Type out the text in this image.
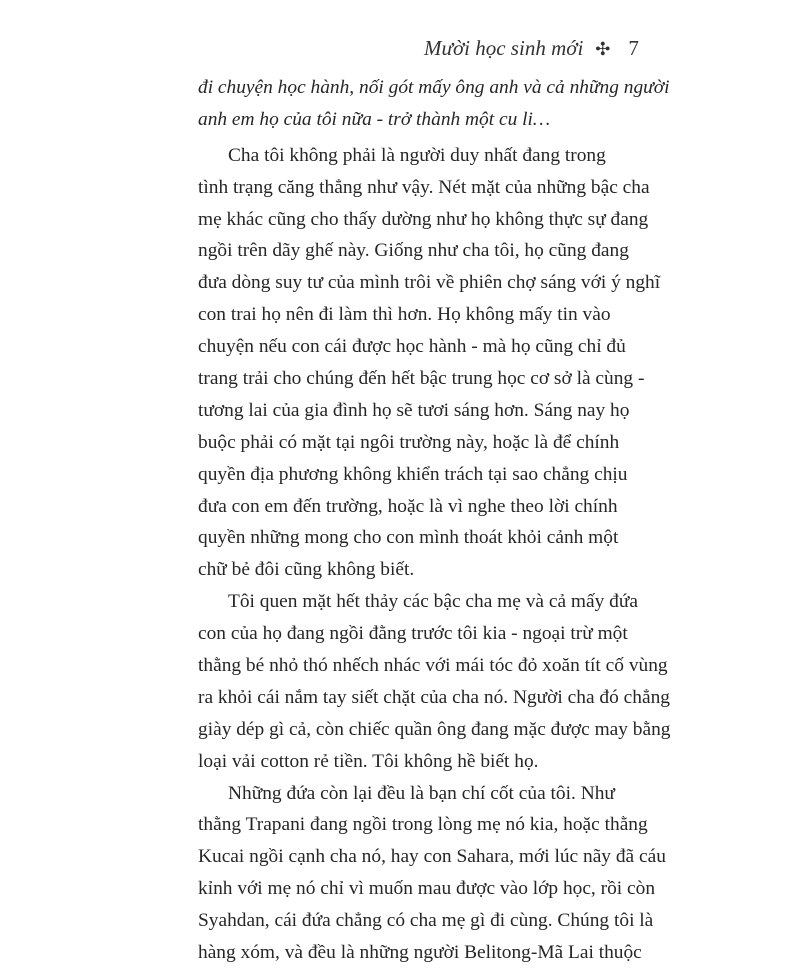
Mười học sinh mới ✣ 7
đi chuyện học hành, nối gót mấy ông anh và cả những người
anh em họ của tôi nữa - trở thành một cu li…
Cha tôi không phải là người duy nhất đang trong
tình trạng căng thẳng như vậy. Nét mặt của những bậc cha
mẹ khác cũng cho thấy dường như họ không thực sự đang
ngồi trên dãy ghế này. Giống như cha tôi, họ cũng đang
đưa dòng suy tư của mình trôi về phiên chợ sáng với ý nghĩ
con trai họ nên đi làm thì hơn. Họ không mấy tin vào
chuyện nếu con cái được học hành - mà họ cũng chỉ đủ
trang trải cho chúng đến hết bậc trung học cơ sở là cùng -
tương lai của gia đình họ sẽ tươi sáng hơn. Sáng nay họ
buộc phải có mặt tại ngôi trường này, hoặc là để chính
quyền địa phương không khiển trách tại sao chẳng chịu
đưa con em đến trường, hoặc là vì nghe theo lời chính
quyền những mong cho con mình thoát khỏi cảnh một
chữ bẻ đôi cũng không biết.
Tôi quen mặt hết thảy các bậc cha mẹ và cả mấy đứa
con của họ đang ngồi đằng trước tôi kia - ngoại trừ một
thằng bé nhỏ thó nhếch nhác với mái tóc đỏ xoăn tít cố vùng
ra khỏi cái nắm tay siết chặt của cha nó. Người cha đó chẳng
giày dép gì cả, còn chiếc quần ông đang mặc được may bằng
loại vải cotton rẻ tiền. Tôi không hề biết họ.
Những đứa còn lại đều là bạn chí cốt của tôi. Như
thằng Trapani đang ngồi trong lòng mẹ nó kia, hoặc thằng
Kucai ngồi cạnh cha nó, hay con Sahara, mới lúc nãy đã cáu
kỉnh với mẹ nó chỉ vì muốn mau được vào lớp học, rồi còn
Syahdan, cái đứa chẳng có cha mẹ gì đi cùng. Chúng tôi là
hàng xóm, và đều là những người Belitong-Mã Lai thuộc
